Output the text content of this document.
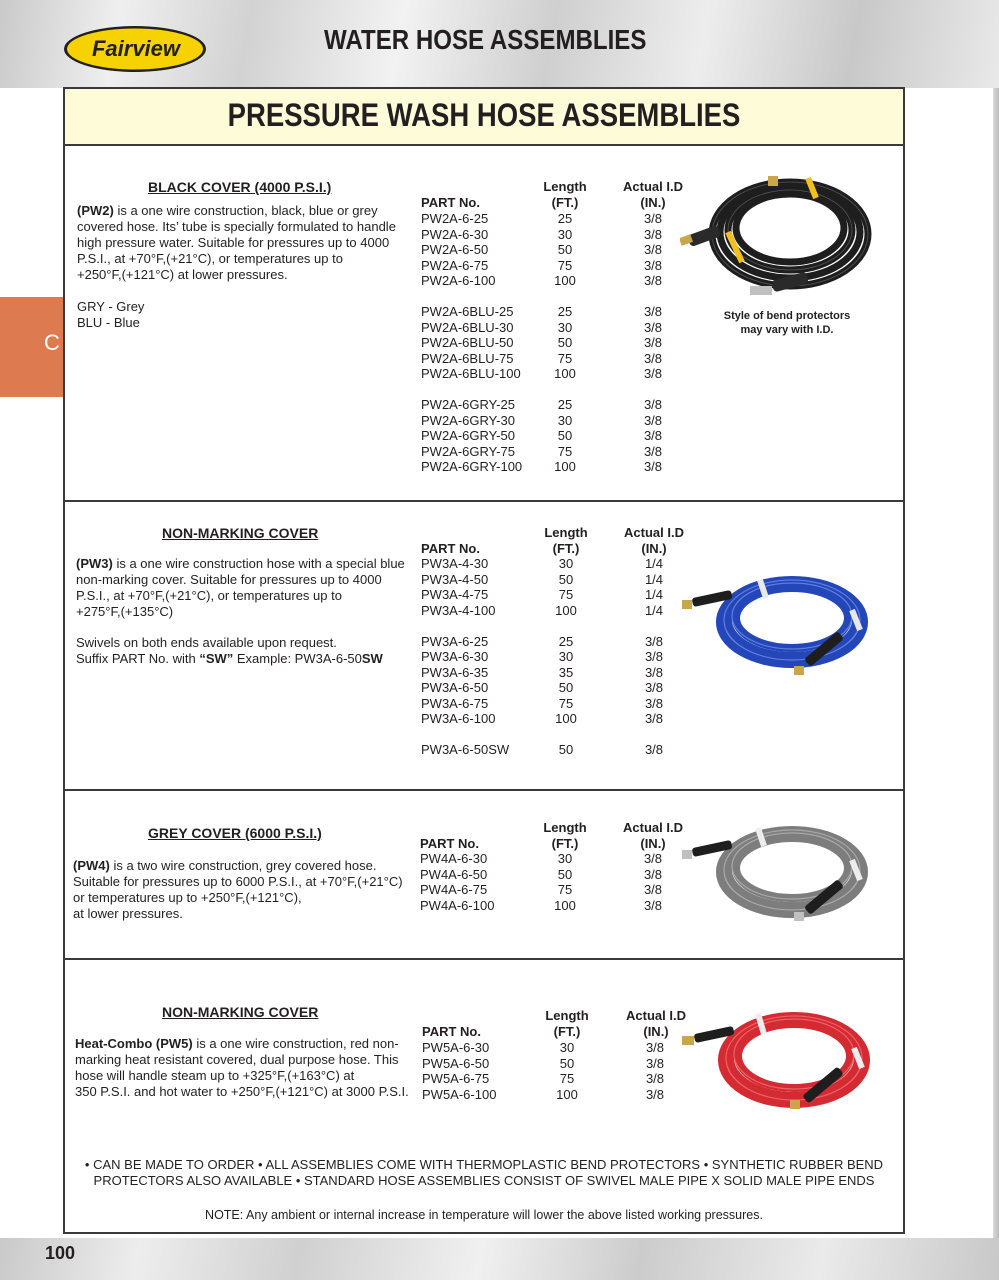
Fairview	WATER HOSE ASSEMBLIES
C
PRESSURE WASH HOSE ASSEMBLIES
BLACK COVER (4000 P.S.I.)
(PW2) is a one wire construction, black, blue or grey
covered hose. Its’ tube is specially formulated to handle
high pressure water. Suitable for pressures up to 4000
P.S.I., at +70°F,(+21°C), or temperatures up to
+250°F,(+121°C) at lower pressures.
GRY - Grey
BLU - Blue
Length
(FT.)
Actual I.D
(IN.)
PART No.
PW2A-6-25
PW2A-6-30
PW2A-6-50
PW2A-6-75
PW2A-6-100
PW2A-6BLU-25
PW2A-6BLU-30
PW2A-6BLU-50
PW2A-6BLU-75
PW2A-6BLU-100
PW2A-6GRY-25
PW2A-6GRY-30
PW2A-6GRY-50
PW2A-6GRY-75
PW2A-6GRY-100
25
30
50
75
100
25
30
50
75
100
25
30
50
75
100
3/8
3/8
3/8
3/8
3/8
3/8
3/8
3/8
3/8
3/8
3/8
3/8
3/8
3/8
3/8
Style of bend protectors
may vary with I.D.
NON-MARKING COVER
(PW3) is a one wire construction hose with a special blue
non-marking cover. Suitable for pressures up to 4000
P.S.I., at +70°F,(+21°C), or temperatures up to
+275°F,(+135°C)
Swivels on both ends available upon request.
Suffix PART No. with “SW” Example: PW3A-6-50SW
Length
(FT.)
Actual I.D
(IN.)
PART No.
PW3A-4-30
PW3A-4-50
PW3A-4-75
PW3A-4-100
PW3A-6-25
PW3A-6-30
PW3A-6-35
PW3A-6-50
PW3A-6-75
PW3A-6-100
PW3A-6-50SW
30
50
75
100
25
30
35
50
75
100
50
1/4
1/4
1/4
1/4
3/8
3/8
3/8
3/8
3/8
3/8
3/8
GREY COVER (6000 P.S.I.)
(PW4) is a two wire construction, grey covered hose.
Suitable for pressures up to 6000 P.S.I., at +70°F,(+21°C)
or temperatures up to +250°F,(+121°C),
at lower pressures.
Length
(FT.)
Actual I.D
(IN.)
PART No.
PW4A-6-30
PW4A-6-50
PW4A-6-75
PW4A-6-100
30
50
75
100
3/8
3/8
3/8
3/8
NON-MARKING COVER
Heat-Combo (PW5) is a one wire construction, red non-
marking heat resistant covered, dual purpose hose. This
hose will handle steam up to +325°F,(+163°C) at
350 P.S.I. and hot water to +250°F,(+121°C) at 3000 P.S.I.
Length
(FT.)
Actual I.D
(IN.)
PART No.
PW5A-6-30
PW5A-6-50
PW5A-6-75
PW5A-6-100
30
50
75
100
3/8
3/8
3/8
3/8
• CAN BE MADE TO ORDER • ALL ASSEMBLIES COME WITH THERMOPLASTIC BEND PROTECTORS • SYNTHETIC RUBBER BEND
PROTECTORS ALSO AVAILABLE • STANDARD HOSE ASSEMBLIES CONSIST OF SWIVEL MALE PIPE X SOLID MALE PIPE ENDS
NOTE: Any ambient or internal increase in temperature will lower the above listed working pressures.
100
